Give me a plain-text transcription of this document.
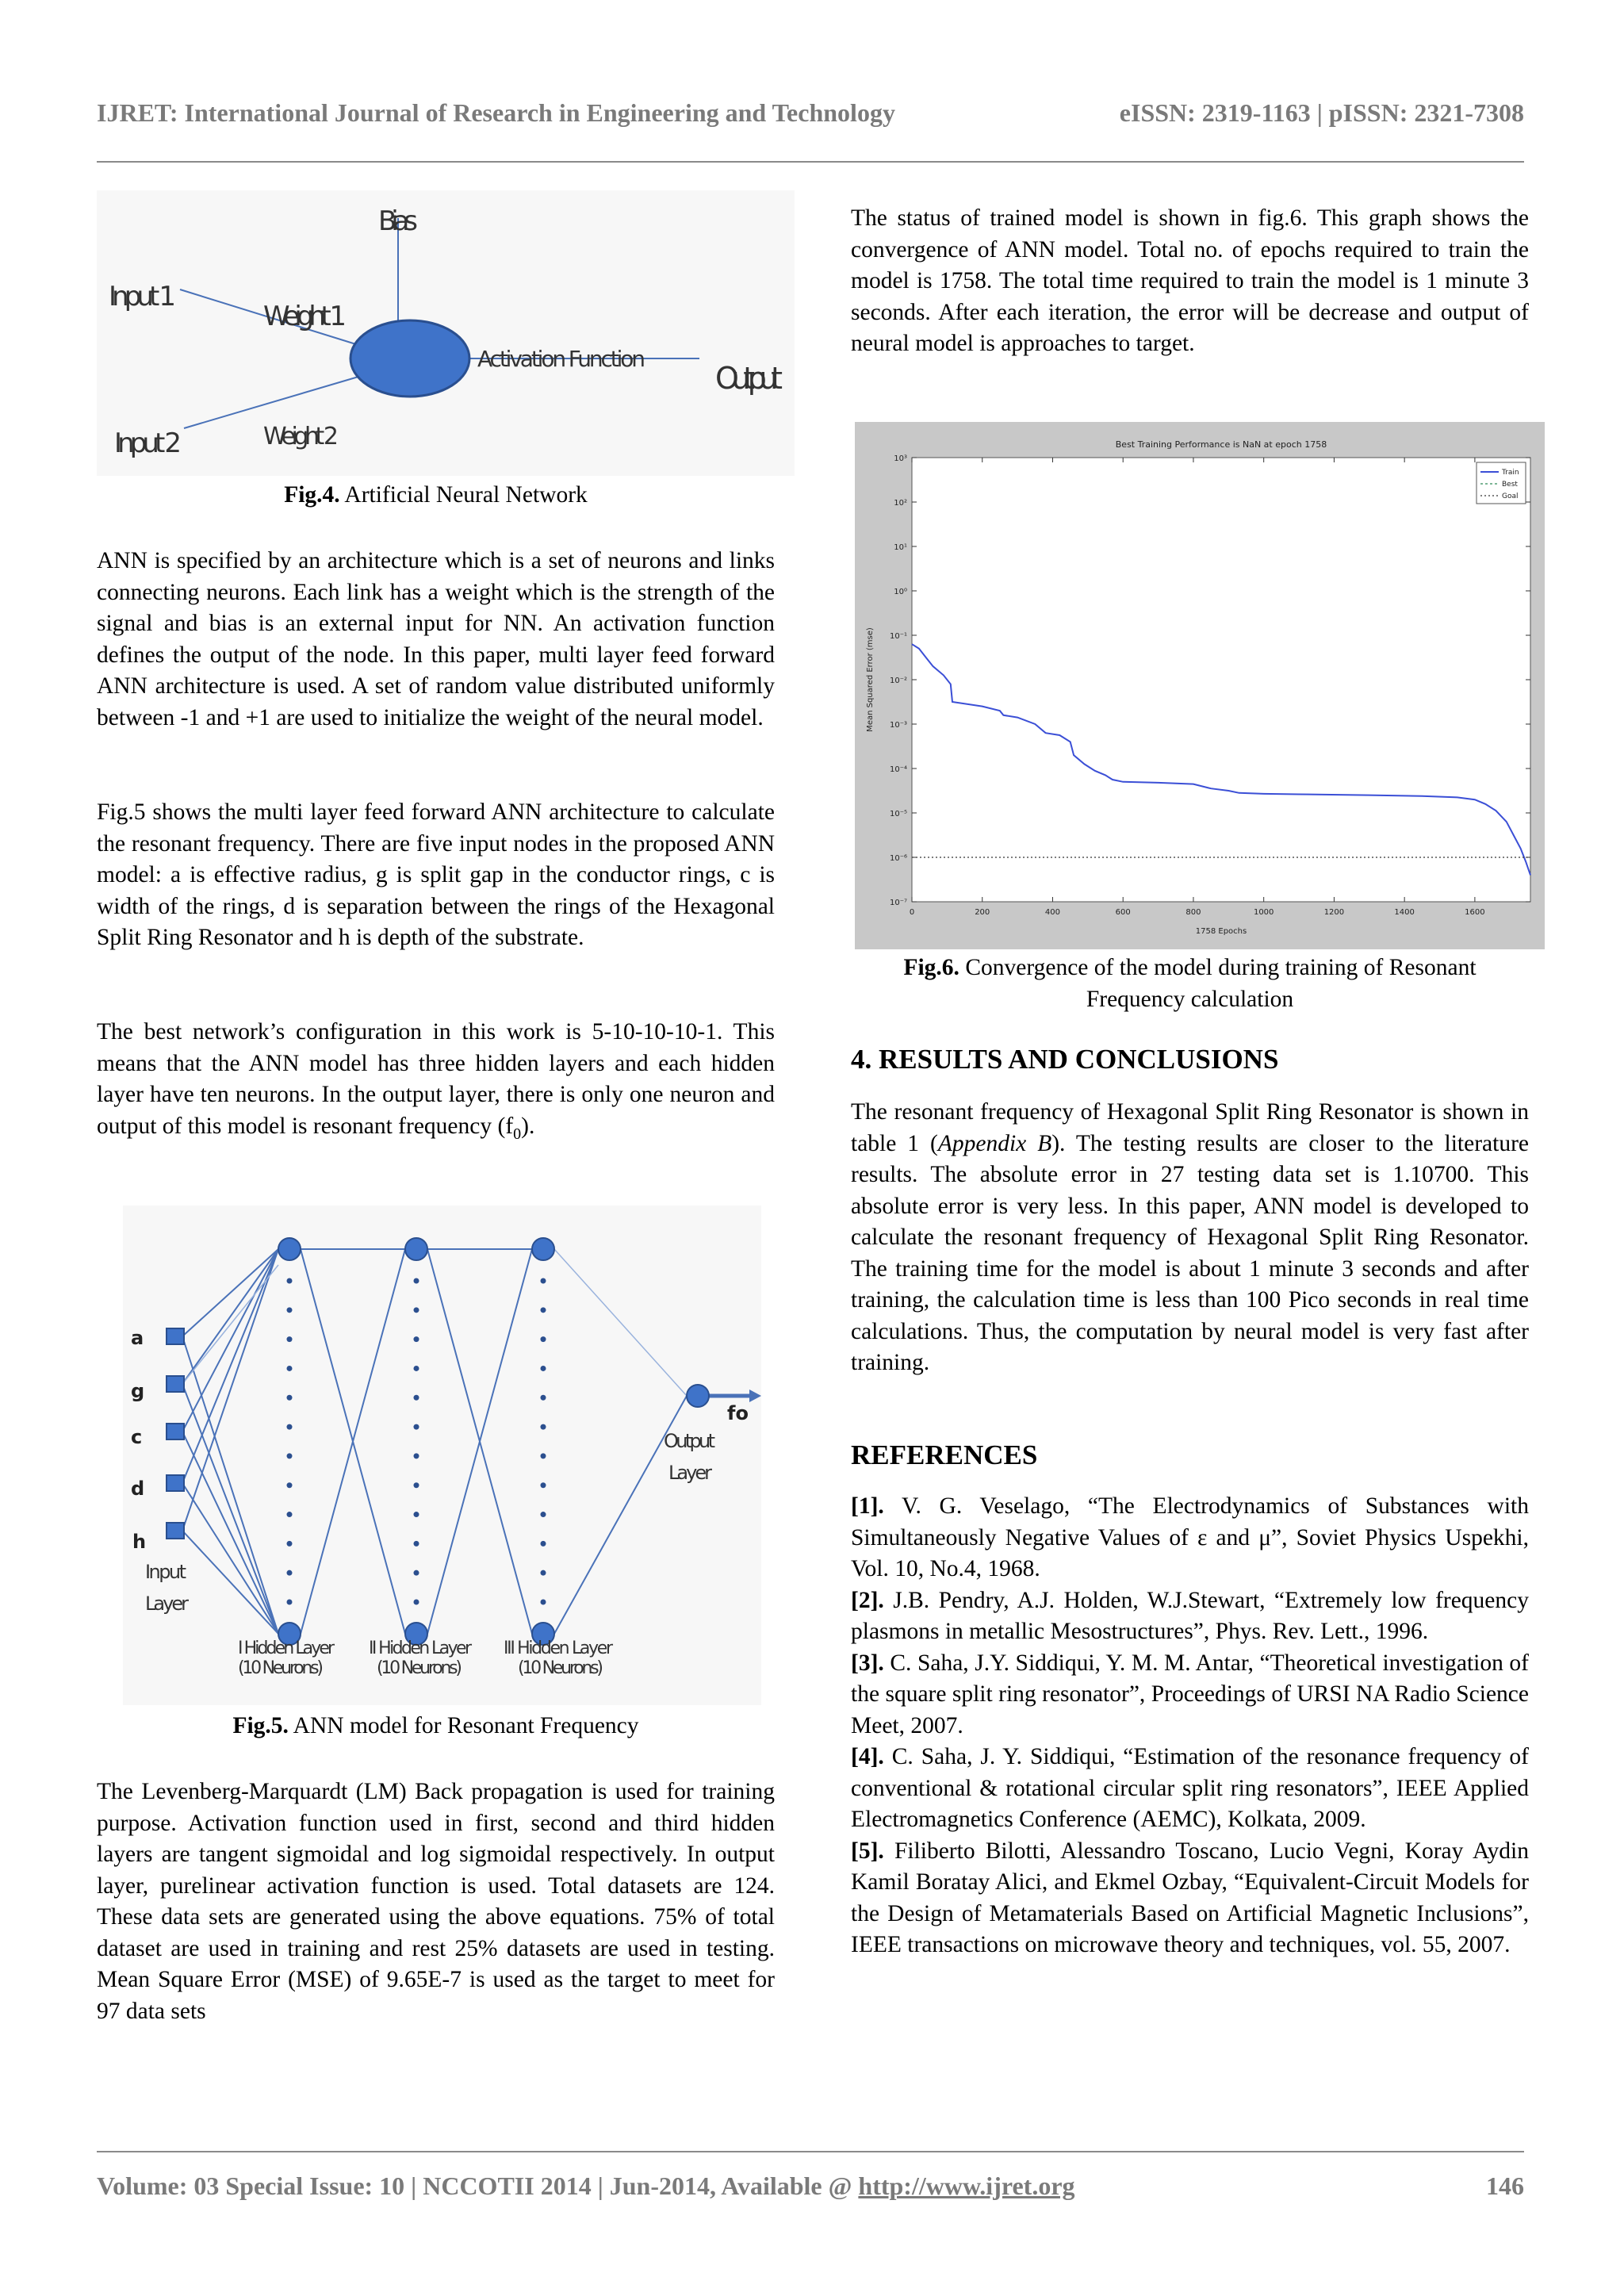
IJRET: International Journal of Research in Engineering and Technology	eISSN: 2319-1163 | pISSN: 2321-7308
Bias
Input 1
Input 2
Weight 1
Weight 2
Activation Function
Output
Fig.4. Artificial Neural Network

ANN is specified by an architecture which is a set of neurons and links connecting neurons. Each link has a weight which is the strength of the signal and bias is an external input for NN. An activation function defines the output of the node. In this paper, multi layer feed forward ANN architecture is used. A set of random value distributed uniformly between -1 and +1 are used to initialize the weight of the neural model.

Fig.5 shows the multi layer feed forward ANN architecture to calculate the resonant frequency. There are five input nodes in the proposed ANN model: a is effective radius, g is split gap in the conductor rings, c is width of the rings, d is separation between the rings of the Hexagonal Split Ring Resonator and h is depth of the substrate.

The best network’s configuration in this work is 5-10-10-10-1. This means that the ANN model has three hidden layers and each hidden layer have ten neurons. In the output layer, there is only one neuron and output of this model is resonant frequency $(f_0)$.

a
g
c
d
h
Input
Layer
I Hidden Layer
(10 Neurons)
II Hidden Layer
(10 Neurons)
III Hidden Layer
(10 Neurons)
Output
Layer
fo
Fig.5. ANN model for Resonant Frequency

The Levenberg-Marquardt (LM) Back propagation is used for training purpose. Activation function used in first, second and third hidden layers are tangent sigmoidal and log sigmoidal respectively. In output layer, purelinear activation function is used. Total datasets are 124. These data sets are generated using the above equations. 75% of total dataset are used in training and rest 25% datasets are used in testing. Mean Square Error (MSE) of 9.65E-7 is used as the target to meet for 97 data sets

The status of trained model is shown in fig.6. This graph shows the convergence of ANN model. Total no. of epochs required to train the model is 1758. The total time required to train the model is 1 minute 3 seconds. After each iteration, the error will be decrease and output of neural model is approaches to target.

Best Training Performance is NaN at epoch 1758
1758 Epochs
Mean Squared Error (mse)
0	200	400	600	800	1000	1200	1400	1600
10⁻⁷
10⁻⁶
10⁻⁵
10⁻⁴
10⁻³
10⁻²
10⁻¹
10⁰
10¹
10²
10³
Train
Best
Goal
Fig.6. Convergence of the model during training of Resonant
Frequency calculation
4. RESULTS AND CONCLUSIONS

The resonant frequency of Hexagonal Split Ring Resonator is shown in table 1 (Appendix B). The testing results are closer to the literature results. The absolute error in 27 testing data set is 1.10700. This absolute error is very less. In this paper, ANN model is developed to calculate the resonant frequency of Hexagonal Split Ring Resonator. The training time for the model is about 1 minute 3 seconds and after training, the calculation time is less than 100 Pico seconds in real time calculations. Thus, the computation by neural model is very fast after training.

REFERENCES

[1]. V. G. Veselago, “The Electrodynamics of Substances with Simultaneously Negative Values of ε and μ”, Soviet Physics Uspekhi, Vol. 10, No.4, 1968.

[2]. J.B. Pendry, A.J. Holden, W.J.Stewart, “Extremely low frequency plasmons in metallic Mesostructures”, Phys. Rev. Lett., 1996.

[3]. C. Saha, J.Y. Siddiqui, Y. M. M. Antar, “Theoretical investigation of the square split ring resonator”, Proceedings of URSI NA Radio Science Meet, 2007.

[4]. C. Saha, J. Y. Siddiqui, “Estimation of the resonance frequency of conventional & rotational circular split ring resonators”, IEEE Applied Electromagnetics Conference (AEMC), Kolkata, 2009.

[5]. Filiberto Bilotti, Alessandro Toscano, Lucio Vegni, Koray Aydin Kamil Boratay Alici, and Ekmel Ozbay, “Equivalent-Circuit Models for the Design of Metamaterials Based on Artificial Magnetic Inclusions”, IEEE transactions on microwave theory and techniques, vol. 55, 2007.

Volume: 03 Special Issue: 10 | NCCOTII 2014 | Jun-2014, Available @ http://www.ijret.org	146
